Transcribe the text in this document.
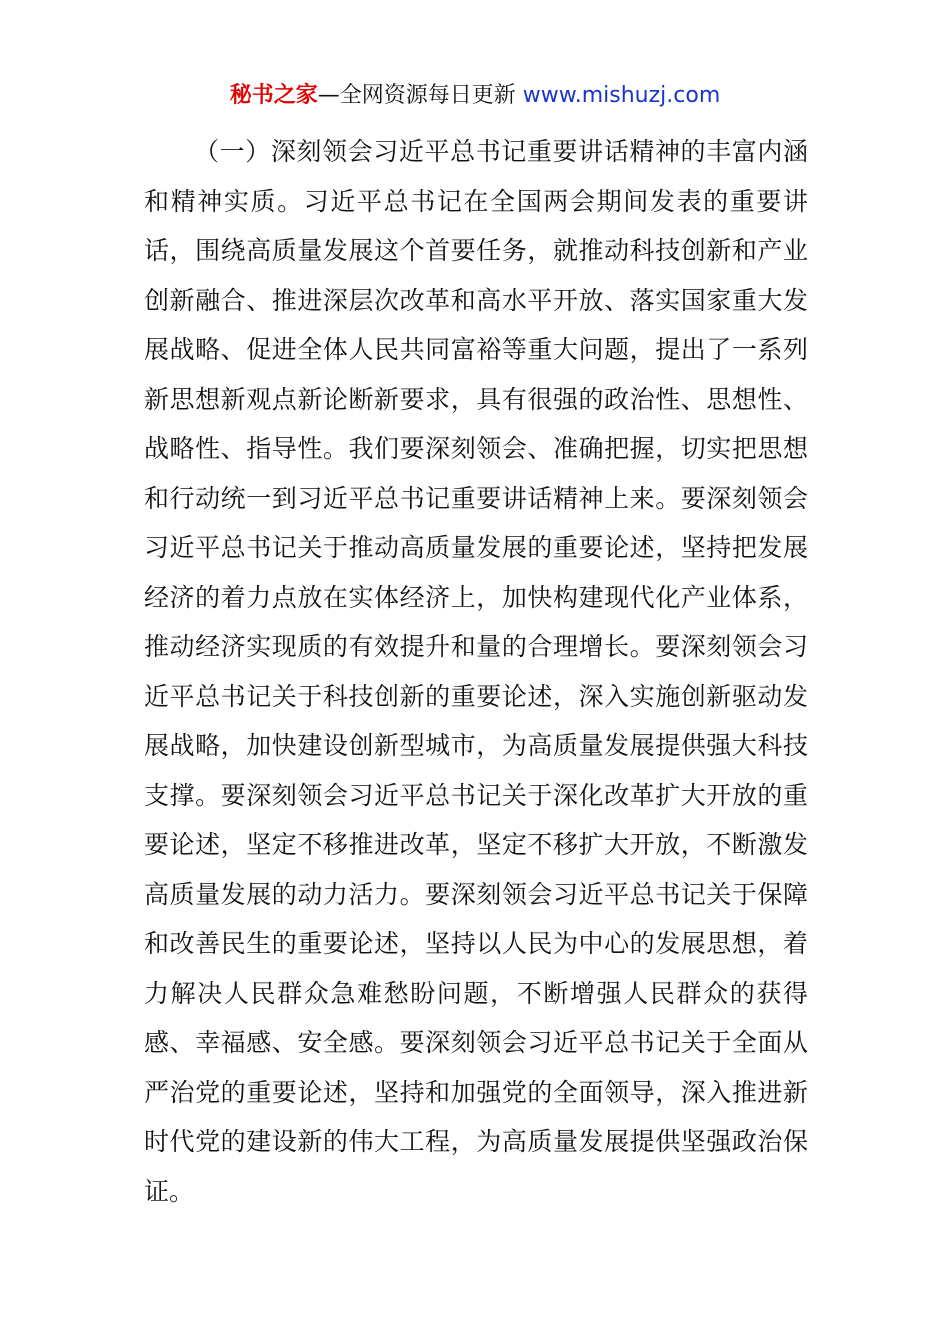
秘书之家—全网资源每日更新 www.mishuzj.com

（一）深刻领会习近平总书记重要讲话精神的丰富内涵和精神实质。习近平总书记在全国两会期间发表的重要讲话，围绕高质量发展这个首要任务，就推动科技创新和产业创新融合、推进深层次改革和高水平开放、落实国家重大发展战略、促进全体人民共同富裕等重大问题，提出了一系列新思想新观点新论断新要求，具有很强的政治性、思想性、战略性、指导性。我们要深刻领会、准确把握，切实把思想和行动统一到习近平总书记重要讲话精神上来。要深刻领会习近平总书记关于推动高质量发展的重要论述，坚持把发展经济的着力点放在实体经济上，加快构建现代化产业体系，推动经济实现质的有效提升和量的合理增长。要深刻领会习近平总书记关于科技创新的重要论述，深入实施创新驱动发展战略，加快建设创新型城市，为高质量发展提供强大科技支撑。要深刻领会习近平总书记关于深化改革扩大开放的重要论述，坚定不移推进改革，坚定不移扩大开放，不断激发高质量发展的动力活力。要深刻领会习近平总书记关于保障和改善民生的重要论述，坚持以人民为中心的发展思想，着力解决人民群众急难愁盼问题，不断增强人民群众的获得感、幸福感、安全感。要深刻领会习近平总书记关于全面从严治党的重要论述，坚持和加强党的全面领导，深入推进新时代党的建设新的伟大工程，为高质量发展提供坚强政治保证。
